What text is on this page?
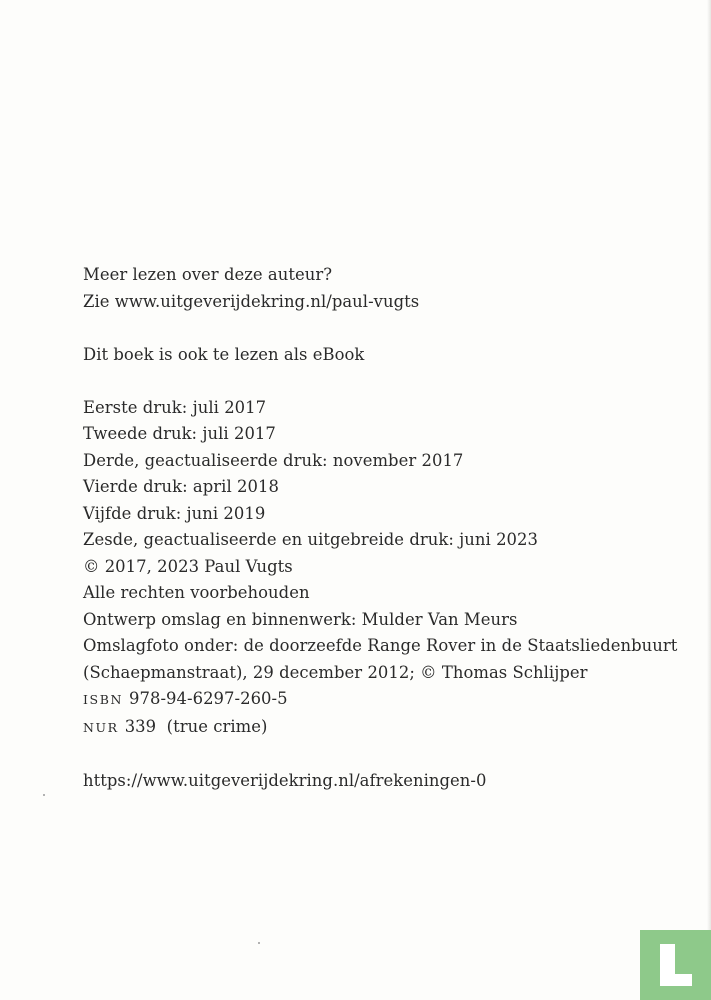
Meer lezen over deze auteur?

Zie www.uitgeverijdekring.nl/paul-vugts

Dit boek is ook te lezen als eBook

Eerste druk: juli 2017

Tweede druk: juli 2017

Derde, geactualiseerde druk: november 2017

Vierde druk: april 2018

Vijfde druk: juni 2019

Zesde, geactualiseerde en uitgebreide druk: juni 2023

© 2017, 2023 Paul Vugts

Alle rechten voorbehouden

Ontwerp omslag en binnenwerk: Mulder Van Meurs

Omslagfoto onder: de doorzeefde Range Rover in de Staatsliedenbuurt

(Schaepmanstraat), 29 december 2012; © Thomas Schlijper

ISBN 978-94-6297-260-5

NUR 339  (true crime)

https://www.uitgeverijdekring.nl/afrekeningen-0
